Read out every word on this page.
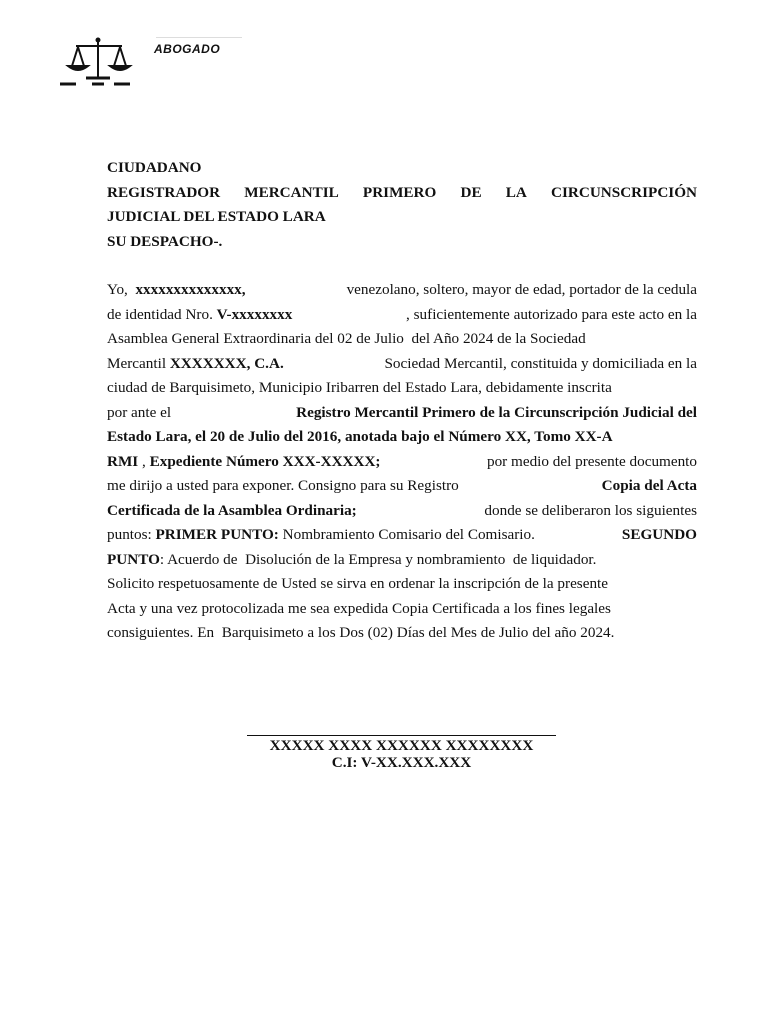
ABOGADO
CIUDADANO
REGISTRADOR MERCANTIL PRIMERO DE LA CIRCUNSCRIPCIÓN
JUDICIAL DEL ESTADO LARA
SU DESPACHO-.
Yo,  xxxxxxxxxxxxxx,	venezolano, soltero, mayor de edad, portador de la cedula
de identidad Nro. V-xxxxxxxx	, suficientemente autorizado para este acto en la
Asamblea General Extraordinaria del 02 de Julio  del Año 2024 de la Sociedad
Mercantil XXXXXXX, C.A.	Sociedad Mercantil, constituida y domiciliada en la
ciudad de Barquisimeto, Municipio Iribarren del Estado Lara, debidamente inscrita
por ante el	Registro Mercantil Primero de la Circunscripción Judicial del
Estado Lara, el 20 de Julio del 2016, anotada bajo el Número XX, Tomo XX-A
RMI , Expediente Número XXX-XXXXX;	por medio del presente documento
me dirijo a usted para exponer. Consigno para su Registro	Copia del Acta
Certificada de la Asamblea Ordinaria;	donde se deliberaron los siguientes
puntos: PRIMER PUNTO: Nombramiento Comisario del Comisario.	SEGUNDO
PUNTO: Acuerdo de  Disolución de la Empresa y nombramiento  de liquidador.
Solicito respetuosamente de Usted se sirva en ordenar la inscripción de la presente
Acta y una vez protocolizada me sea expedida Copia Certificada a los fines legales
consiguientes. En  Barquisimeto a los Dos (02) Días del Mes de Julio del año 2024.
XXXXX XXXX XXXXXX XXXXXXXX
C.I: V-XX.XXX.XXX
